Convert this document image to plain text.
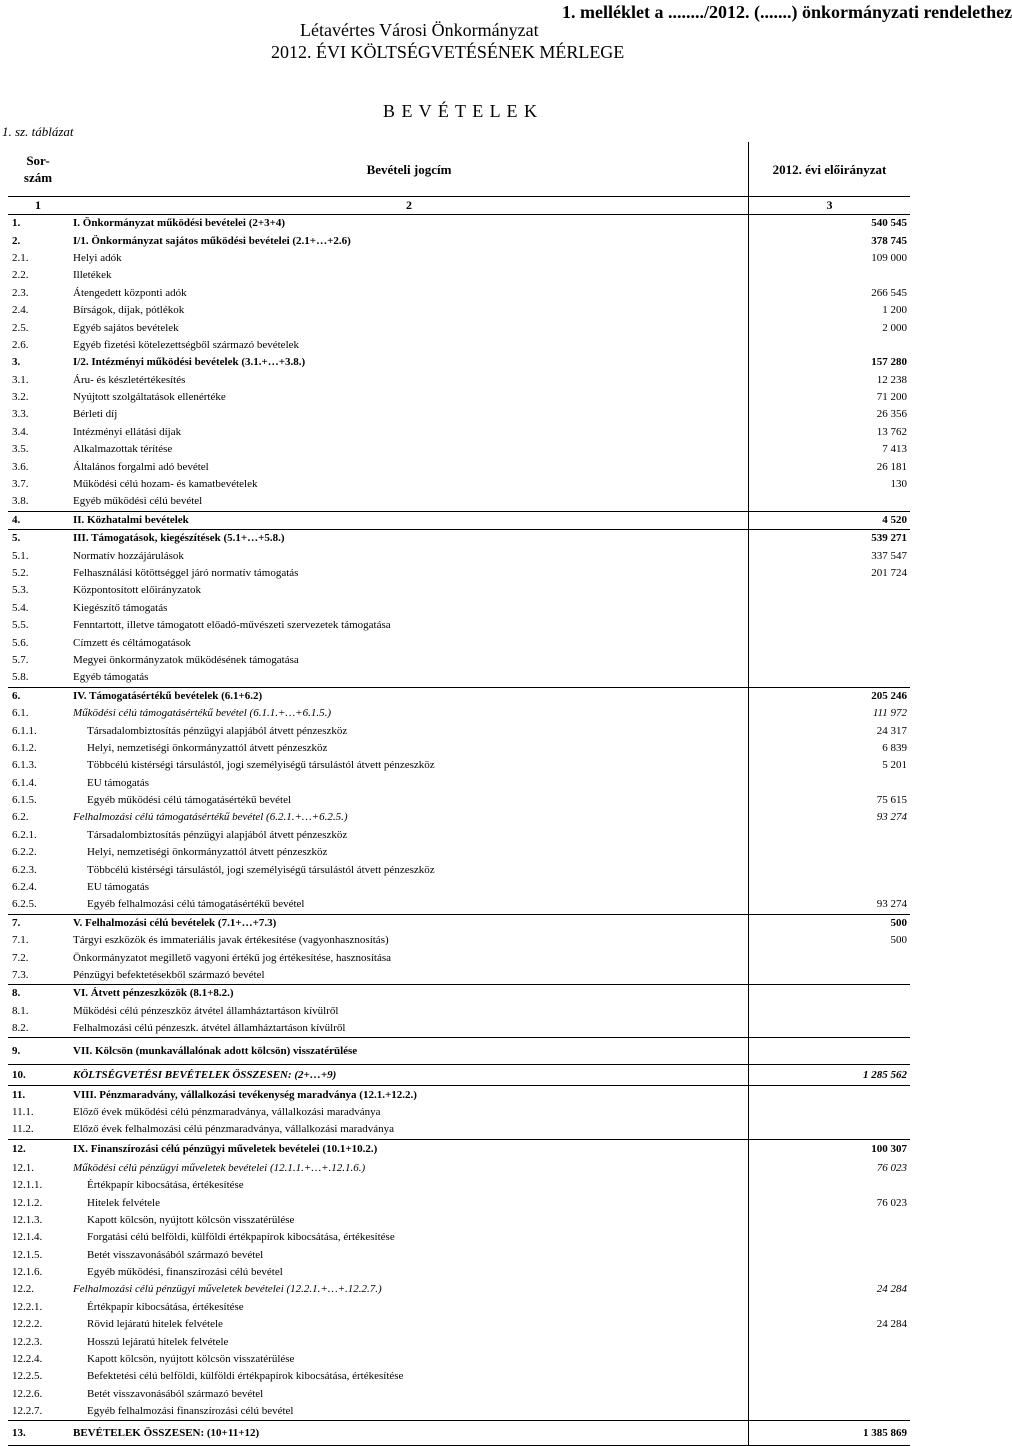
1. melléklet a ......../2012. (.......) önkormányzati rendelethez
Létavértes Városi Önkormányzat
2012. ÉVI KÖLTSÉGVETÉSÉNEK MÉRLEGE
B E V É T E L E K
1. sz. táblázat
Sor-
szám	Bevételi jogcím	2012. évi előirányzat
1	2	3
1.	I. Önkormányzat működési bevételei (2+3+4)	540 545
2.	I/1. Önkormányzat sajátos működési bevételei (2.1+…+2.6)	378 745
2.1.	Helyi adók	109 000
2.2.	Illetékek	
2.3.	Átengedett központi adók	266 545
2.4.	Bírságok, díjak, pótlékok	1 200
2.5.	Egyéb sajátos bevételek	2 000
2.6.	Egyéb fizetési kötelezettségből származó bevételek	
3.	I/2. Intézményi működési bevételek (3.1.+…+3.8.)	157 280
3.1.	Áru- és készletértékesítés	12 238
3.2.	Nyújtott szolgáltatások ellenértéke	71 200
3.3.	Bérleti díj	26 356
3.4.	Intézményi ellátási díjak	13 762
3.5.	Alkalmazottak térítése	7 413
3.6.	Általános forgalmi adó bevétel	26 181
3.7.	Működési célú hozam- és kamatbevételek	130
3.8.	Egyéb működési célú bevétel	
4.	II. Közhatalmi bevételek	4 520
5.	III. Támogatások, kiegészítések (5.1+…+5.8.)	539 271
5.1.	Normatív hozzájárulások	337 547
5.2.	Felhasználási kötöttséggel járó normatív támogatás	201 724
5.3.	Központosított előirányzatok	
5.4.	Kiegészítő támogatás	
5.5.	Fenntartott, illetve támogatott előadó-művészeti szervezetek támogatása	
5.6.	Címzett és céltámogatások	
5.7.	Megyei önkormányzatok működésének támogatása	
5.8.	Egyéb támogatás	
6.	IV. Támogatásértékű bevételek (6.1+6.2)	205 246
6.1.	Működési célú támogatásértékű bevétel (6.1.1.+…+6.1.5.)	111 972
6.1.1.	Társadalombiztosítás pénzügyi alapjából átvett pénzeszköz	24 317
6.1.2.	Helyi, nemzetiségi önkormányzattól átvett pénzeszköz	6 839
6.1.3.	Többcélú kistérségi társulástól, jogi személyiségű társulástól átvett pénzeszköz	5 201
6.1.4.	EU támogatás	
6.1.5.	Egyéb működési célú támogatásértékű bevétel	75 615
6.2.	Felhalmozási célú támogatásértékű bevétel (6.2.1.+…+6.2.5.)	93 274
6.2.1.	Társadalombiztosítás pénzügyi alapjából átvett pénzeszköz	
6.2.2.	Helyi, nemzetiségi önkormányzattól átvett pénzeszköz	
6.2.3.	Többcélú kistérségi társulástól, jogi személyiségű társulástól átvett pénzeszköz	
6.2.4.	EU támogatás	
6.2.5.	Egyéb felhalmozási célú támogatásértékű bevétel	93 274
7.	V. Felhalmozási célú bevételek (7.1+…+7.3)	500
7.1.	Tárgyi eszközök és immateriális javak értékesítése (vagyonhasznosítás)	500
7.2.	Önkormányzatot megillető vagyoni értékű jog értékesítése, hasznosítása	
7.3.	Pénzügyi befektetésekből származó bevétel	
8.	VI. Átvett pénzeszközök (8.1+8.2.)	
8.1.	Működési célú pénzeszköz átvétel államháztartáson kívülről	
8.2.	Felhalmozási célú pénzeszk. átvétel államháztartáson kívülről	
9.	VII. Kölcsön (munkavállalónak adott kölcsön) visszatérülése	
10.	KÖLTSÉGVETÉSI BEVÉTELEK ÖSSZESEN: (2+…+9)	1 285 562
11.	VIII. Pénzmaradvány, vállalkozási tevékenység maradványa (12.1.+12.2.)	
11.1.	Előző évek működési célú pénzmaradványa, vállalkozási maradványa	
11.2.	Előző évek felhalmozási célú pénzmaradványa, vállalkozási maradványa	
12.	IX. Finanszírozási célú pénzügyi műveletek bevételei (10.1+10.2.)	100 307
12.1.	Működési célú pénzügyi műveletek bevételei (12.1.1.+…+.12.1.6.)	76 023
12.1.1.	Értékpapír kibocsátása, értékesítése	
12.1.2.	Hitelek felvétele	76 023
12.1.3.	Kapott kölcsön, nyújtott kölcsön visszatérülése	
12.1.4.	Forgatási célú belföldi, külföldi értékpapírok kibocsátása, értékesítése	
12.1.5.	Betét visszavonásából származó bevétel	
12.1.6.	Egyéb működési, finanszírozási célú bevétel	
12.2.	Felhalmozási célú pénzügyi műveletek bevételei (12.2.1.+…+.12.2.7.)	24 284
12.2.1.	Értékpapír kibocsátása, értékesítése	
12.2.2.	Rövid lejáratú hitelek felvétele	24 284
12.2.3.	Hosszú lejáratú hitelek felvétele	
12.2.4.	Kapott kölcsön, nyújtott kölcsön visszatérülése	
12.2.5.	Befektetési célú belföldi, külföldi értékpapírok kibocsátása, értékesítése	
12.2.6.	Betét visszavonásából származó bevétel	
12.2.7.	Egyéb felhalmozási finanszírozási célú bevétel	
13.	BEVÉTELEK ÖSSZESEN: (10+11+12)	1 385 869
